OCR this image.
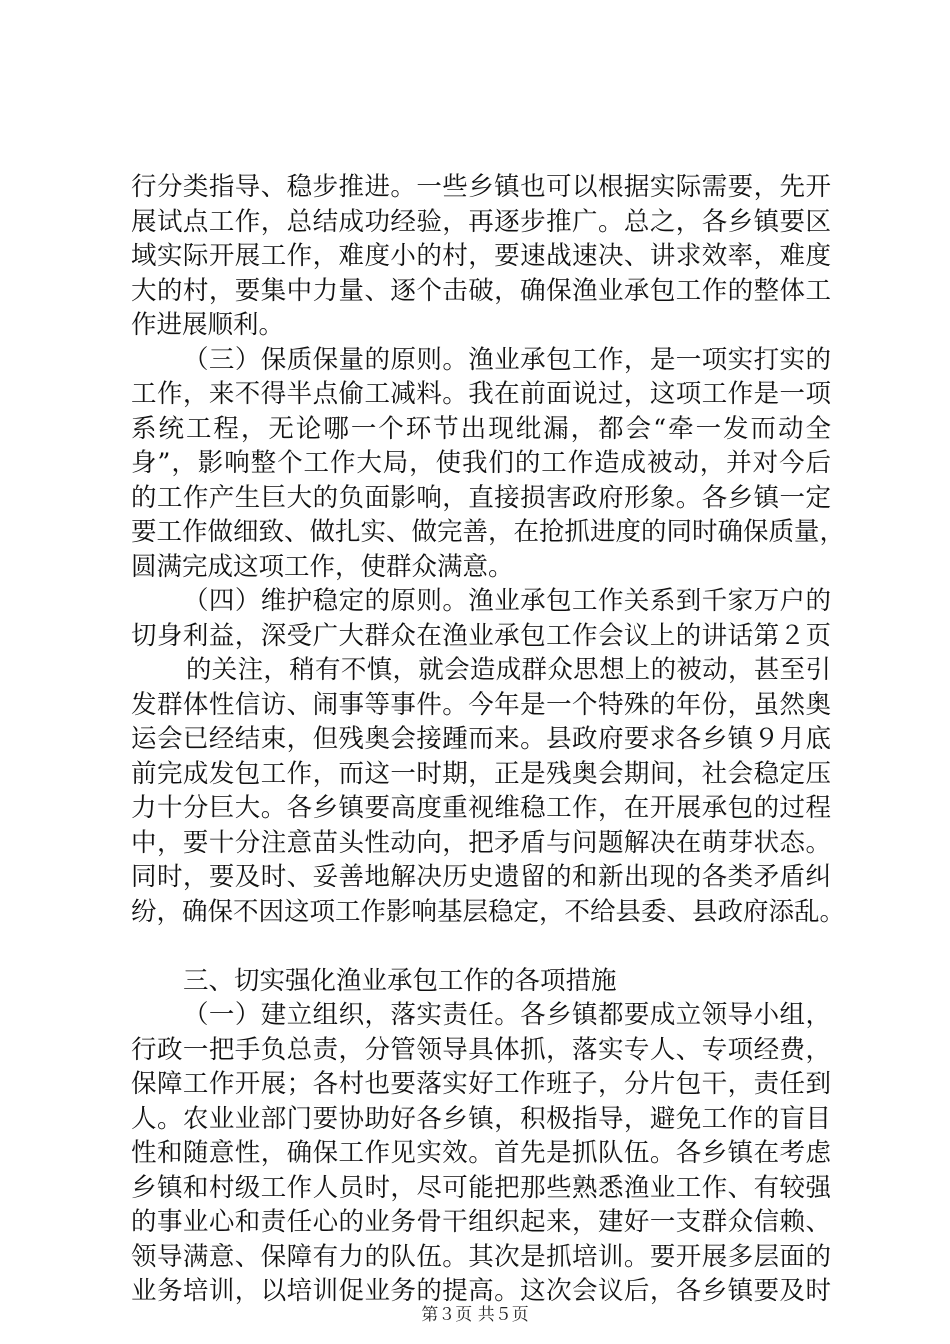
行分类指导、稳步推进。一些乡镇也可以根据实际需要，先开
展试点工作，总结成功经验，再逐步推广。总之，各乡镇要区
域实际开展工作，难度小的村，要速战速决、讲求效率，难度
大的村，要集中力量、逐个击破，确保渔业承包工作的整体工
作进展顺利。
（三）保质保量的原则。渔业承包工作，是一项实打实的
工作，来不得半点偷工减料。我在前面说过，这项工作是一项
系统工程，无论哪一个环节出现纰漏，都会“牵一发而动全
身”，影响整个工作大局，使我们的工作造成被动，并对今后
的工作产生巨大的负面影响，直接损害政府形象。各乡镇一定
要工作做细致、做扎实、做完善，在抢抓进度的同时确保质量，
圆满完成这项工作，使群众满意。
（四）维护稳定的原则。渔业承包工作关系到千家万户的
切身利益，深受广大群众在渔业承包工作会议上的讲话第２页
的关注，稍有不慎，就会造成群众思想上的被动，甚至引
发群体性信访、闹事等事件。今年是一个特殊的年份，虽然奥
运会已经结束，但残奥会接踵而来。县政府要求各乡镇９月底
前完成发包工作，而这一时期，正是残奥会期间，社会稳定压
力十分巨大。各乡镇要高度重视维稳工作，在开展承包的过程
中，要十分注意苗头性动向，把矛盾与问题解决在萌芽状态。
同时，要及时、妥善地解决历史遗留的和新出现的各类矛盾纠
纷，确保不因这项工作影响基层稳定，不给县委、县政府添乱。
三、切实强化渔业承包工作的各项措施
（一）建立组织，落实责任。各乡镇都要成立领导小组，
行政一把手负总责，分管领导具体抓，落实专人、专项经费，
保障工作开展；各村也要落实好工作班子，分片包干，责任到
人。农业业部门要协助好各乡镇，积极指导，避免工作的盲目
性和随意性，确保工作见实效。首先是抓队伍。各乡镇在考虑
乡镇和村级工作人员时，尽可能把那些熟悉渔业工作、有较强
的事业心和责任心的业务骨干组织起来，建好一支群众信赖、
领导满意、保障有力的队伍。其次是抓培训。要开展多层面的
业务培训，以培训促业务的提高。这次会议后，各乡镇要及时
第３页 共５页
